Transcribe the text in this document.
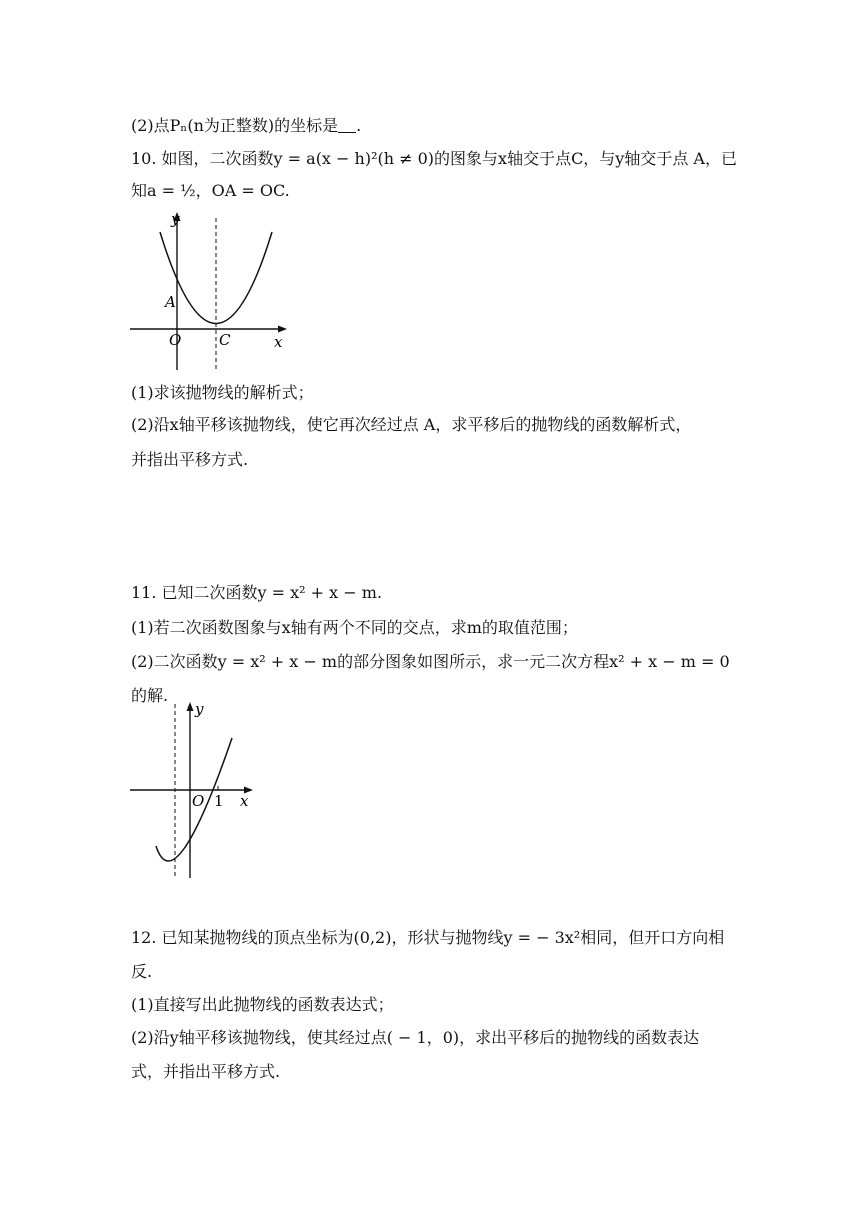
(2)点Pₙ(n为正整数)的坐标是 .
10. 如图，二次函数y = a(x − h)²(h ≠ 0)的图象与x轴交于点C，与y轴交于点 A，已
知a = ½，OA = OC.
y
x
A
O	C
(1)求该抛物线的解析式；
(2)沿x轴平移该抛物线，使它再次经过点 A，求平移后的抛物线的函数解析式，
并指出平移方式.
11. 已知二次函数y = x² + x − m.
(1)若二次函数图象与x轴有两个不同的交点，求m的取值范围；
(2)二次函数y = x² + x − m的部分图象如图所示，求一元二次方程x² + x − m = 0
的解.
y
x
O 1
12. 已知某抛物线的顶点坐标为(0,2)，形状与抛物线y = − 3x²相同，但开口方向相
反.
(1)直接写出此抛物线的函数表达式；
(2)沿y轴平移该抛物线，使其经过点( − 1，0)，求出平移后的抛物线的函数表达
式，并指出平移方式.
